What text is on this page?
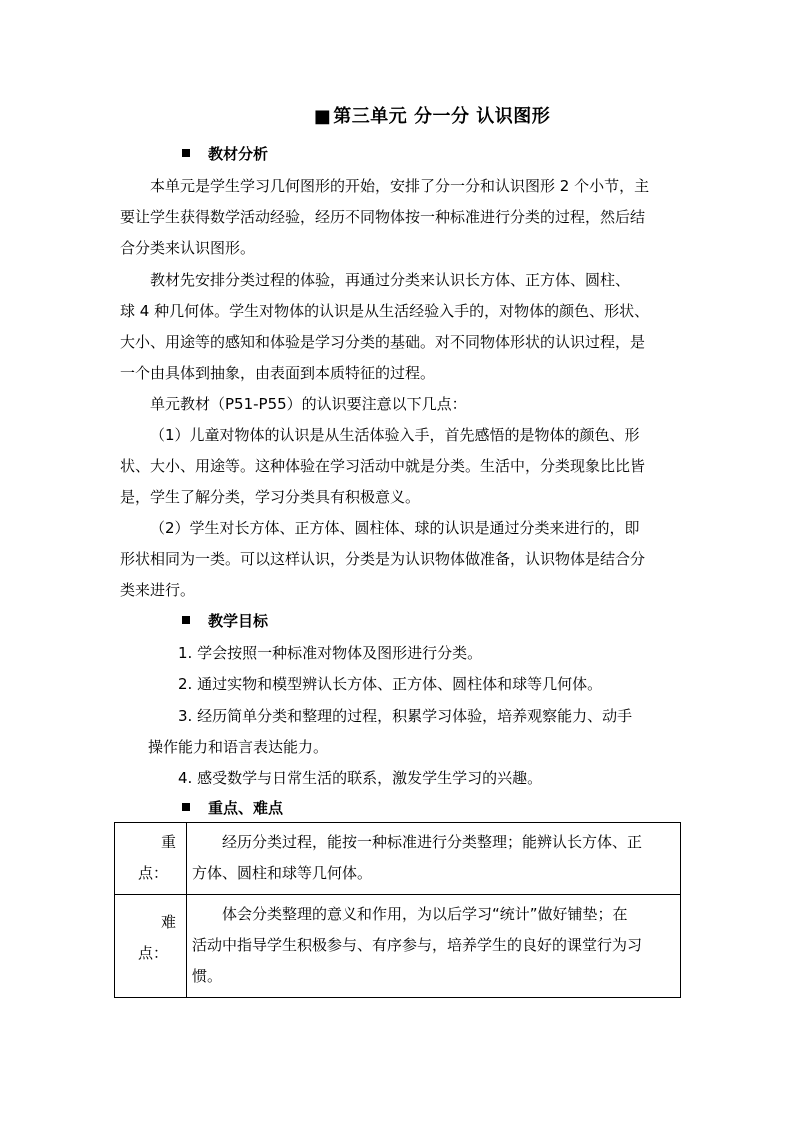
■ 第三单元 分一分 认识图形
教材分析
本单元是学生学习几何图形的开始，安排了分一分和认识图形 2 个小节，主
要让学生获得数学活动经验，经历不同物体按一种标准进行分类的过程，然后结
合分类来认识图形。
教材先安排分类过程的体验，再通过分类来认识长方体、正方体、圆柱、
球 4 种几何体。学生对物体的认识是从生活经验入手的，对物体的颜色、形状、
大小、用途等的感知和体验是学习分类的基础。对不同物体形状的认识过程，是
一个由具体到抽象，由表面到本质特征的过程。
单元教材（P51-P55）的认识要注意以下几点：
（1）儿童对物体的认识是从生活体验入手，首先感悟的是物体的颜色、形
状、大小、用途等。这种体验在学习活动中就是分类。生活中，分类现象比比皆
是，学生了解分类，学习分类具有积极意义。
（2）学生对长方体、正方体、圆柱体、球的认识是通过分类来进行的，即
形状相同为一类。可以这样认识，分类是为认识物体做准备，认识物体是结合分
类来进行。
教学目标
1. 学会按照一种标准对物体及图形进行分类。
2. 通过实物和模型辨认长方体、正方体、圆柱体和球等几何体。
3. 经历简单分类和整理的过程，积累学习体验，培养观察能力、动手
操作能力和语言表达能力。
4. 感受数学与日常生活的联系，激发学生学习的兴趣。
重点、难点
重
点：	经历分类过程，能按一种标准进行分类整理；能辨认长方体、正
方体、圆柱和球等几何体。

难
点：	体会分类整理的意义和作用，为以后学习“统计”做好铺垫；在
活动中指导学生积极参与、有序参与，培养学生的良好的课堂行为习
惯。
